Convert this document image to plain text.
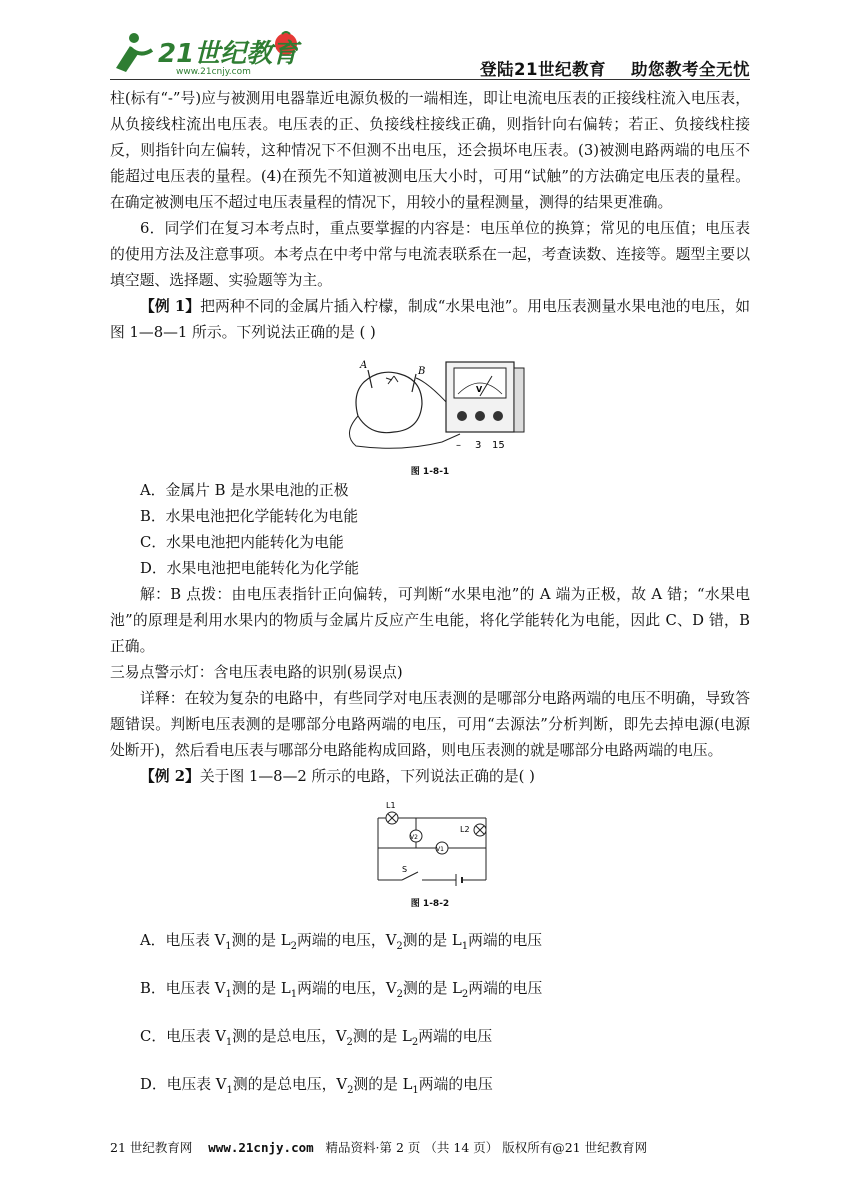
21世纪教育
www.21cnjy.com	登陆21世纪教育    助您教考全无忧

柱(标有“-”号)应与被测用电器靠近电源负极的一端相连，即让电流电压表的正接线柱流入电压表，从负接线柱流出电压表。电压表的正、负接线柱接线正确，则指针向右偏转；若正、负接线柱接反，则指针向左偏转，这种情况下不但测不出电压，还会损坏电压表。(3)被测电路两端的电压不能超过电压表的量程。(4)在预先不知道被测电压大小时，可用“试触”的方法确定电压表的量程。在确定被测电压不超过电压表量程的情况下，用较小的量程测量，测得的结果更准确。

6．同学们在复习本考点时，重点要掌握的内容是：电压单位的换算；常见的电压值；电压表的使用方法及注意事项。本考点在中考中常与电流表联系在一起，考查读数、连接等。题型主要以填空题、选择题、实验题等为主。

【例 1】把两种不同的金属片插入柠檬，制成“水果电池”。用电压表测量水果电池的电压，如图 1—8—1 所示。下列说法正确的是 ( )

A
B
V
– 3 15
图 1-8-1

A．金属片 B 是水果电池的正极

B．水果电池把化学能转化为电能

C．水果电池把内能转化为电能

D．水果电池把电能转化为化学能

解：B 点拨：由电压表指针正向偏转，可判断“水果电池”的 A 端为正极，故 A 错；“水果电池”的原理是利用水果内的物质与金属片反应产生电能，将化学能转化为电能，因此 C、D 错，B 正确。

三易点警示灯：含电压表电路的识别(易误点)

详释：在较为复杂的电路中，有些同学对电压表测的是哪部分电路两端的电压不明确，导致答题错误。判断电压表测的是哪部分电路两端的电压，可用“去源法”分析判断，即先去掉电源(电源处断开)，然后看电压表与哪部分电路能构成回路，则电压表测的就是哪部分电路两端的电压。

【例 2】关于图 1—8—2 所示的电路，下列说法正确的是( )

L1
L2
V2
V1
S
图 1-8-2

A．电压表 $V_1$测的是 $L_2$两端的电压，$V_2$测的是 $L_1$两端的电压

B．电压表 $V_1$测的是 $L_1$两端的电压，$V_2$测的是 $L_2$两端的电压

C．电压表 $V_1$测的是总电压，$V_2$测的是 $L_2$两端的电压

D．电压表 $V_1$测的是总电压，$V_2$测的是 $L_1$两端的电压

21 世纪教育网    www.21cnjy.com   精品资料·第 2 页 （共 14 页） 版权所有@21 世纪教育网
